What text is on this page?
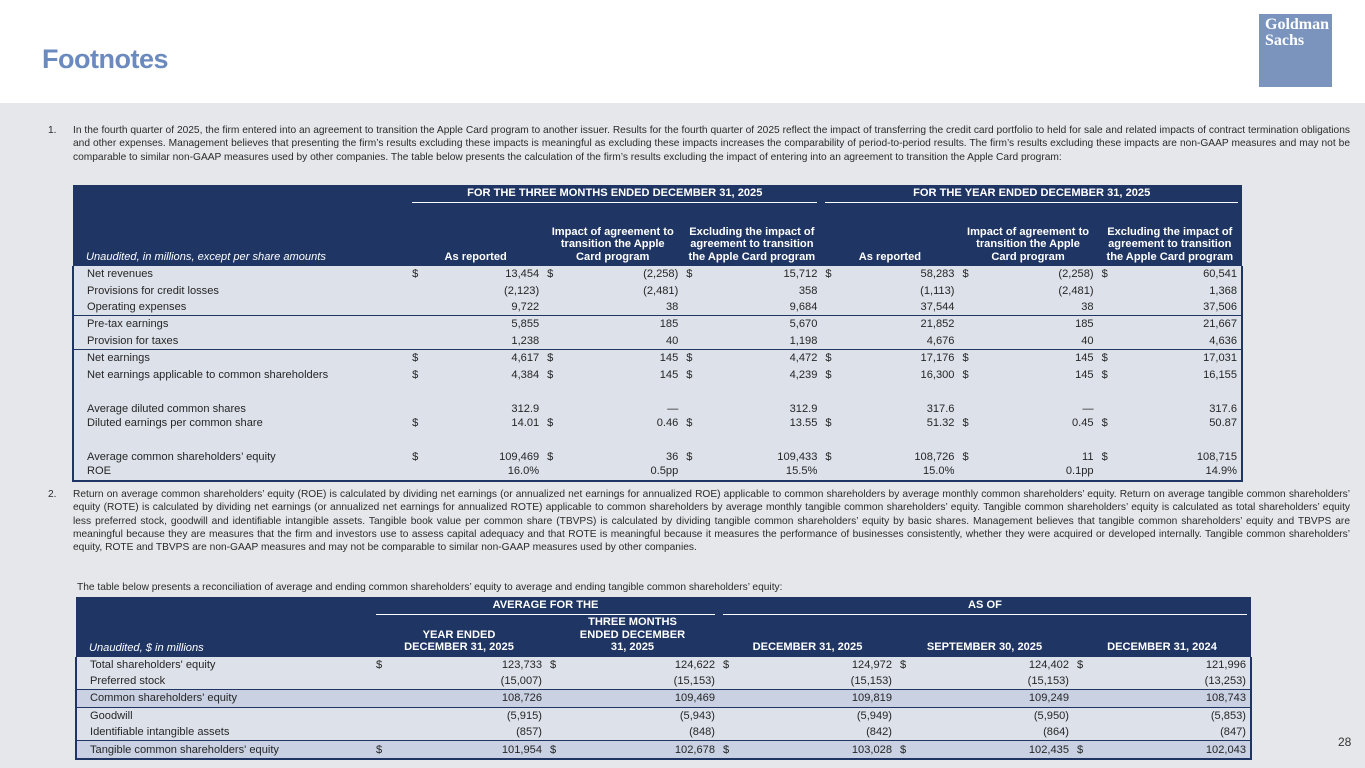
Footnotes
Goldman
Sachs
1. In the fourth quarter of 2025, the firm entered into an agreement to transition the Apple Card program to another issuer. Results for the fourth quarter of 2025 reflect the impact of transferring the credit card portfolio to held for sale and related impacts of contract termination obligations and other expenses. Management believes that presenting the firm’s results excluding these impacts is meaningful as excluding these impacts increases the comparability of period-to-period results. The firm’s results excluding these impacts are non-GAAP measures and may not be comparable to similar non-GAAP measures used by other companies. The table below presents the calculation of the firm’s results excluding the impact of entering into an agreement to transition the Apple Card program:

	FOR THE THREE MONTHS ENDED DECEMBER 31, 2025						FOR THE YEAR ENDED DECEMBER 31, 2025					

Unaudited, in millions, except per share amounts	As reported		Impact of agreement to transition the Apple Card program		Excluding the impact of agreement to transition the Apple Card program		As reported		Impact of agreement to transition the Apple Card program		Excluding the impact of agreement to transition the Apple Card program	
Net revenues	$	13,454	$	(2,258)	$	15,712	$	58,283	$	(2,258)	$	60,541
Provisions for credit losses		(2,123)		(2,481)		358		(1,113)		(2,481)		1,368
Operating expenses		9,722		38		9,684		37,544		38		37,506
Pre-tax earnings		5,855		185		5,670		21,852		185		21,667
Provision for taxes		1,238		40		1,198		4,676		40		4,636
Net earnings	$	4,617	$	145	$	4,472	$	17,176	$	145	$	17,031
Net earnings applicable to common shareholders	$	4,384	$	145	$	4,239	$	16,300	$	145	$	16,155
Average diluted common shares		312.9		—		312.9		317.6		—		317.6
Diluted earnings per common share	$	14.01	$	0.46	$	13.55	$	51.32	$	0.45	$	50.87
Average common shareholders’ equity	$	109,469	$	36	$	109,433	$	108,726	$	11	$	108,715
ROE		16.0%		0.5pp		15.5%		15.0%		0.1pp		14.9%
2. Return on average common shareholders’ equity (ROE) is calculated by dividing net earnings (or annualized net earnings for annualized ROE) applicable to common shareholders by average monthly common shareholders’ equity. Return on average tangible common shareholders’ equity (ROTE) is calculated by dividing net earnings (or annualized net earnings for annualized ROTE) applicable to common shareholders by average monthly tangible common shareholders’ equity. Tangible common shareholders’ equity is calculated as total shareholders’ equity less preferred stock, goodwill and identifiable intangible assets. Tangible book value per common share (TBVPS) is calculated by dividing tangible common shareholders’ equity by basic shares. Management believes that tangible common shareholders’ equity and TBVPS are meaningful because they are measures that the firm and investors use to assess capital adequacy and that ROTE is meaningful because it measures the performance of businesses consistently, whether they were acquired or developed internally. Tangible common shareholders’ equity, ROTE and TBVPS are non-GAAP measures and may not be comparable to similar non-GAAP measures used by other companies.
The table below presents a reconciliation of average and ending common shareholders’ equity to average and ending tangible common shareholders’ equity:

	AVERAGE FOR THE				AS OF					

Unaudited, $ in millions	YEAR ENDED DECEMBER 31, 2025		THREE MONTHS ENDED DECEMBER 31, 2025		DECEMBER 31, 2025		SEPTEMBER 30, 2025		DECEMBER 31, 2024	
Total shareholders' equity	$	123,733	$	124,622	$	124,972	$	124,402	$	121,996
Preferred stock		(15,007)		(15,153)		(15,153)		(15,153)		(13,253)
Common shareholders' equity		108,726		109,469		109,819		109,249		108,743
Goodwill		(5,915)		(5,943)		(5,949)		(5,950)		(5,853)
Identifiable intangible assets		(857)		(848)		(842)		(864)		(847)
Tangible common shareholders' equity	$	101,954	$	102,678	$	103,028	$	102,435	$	102,043
28
